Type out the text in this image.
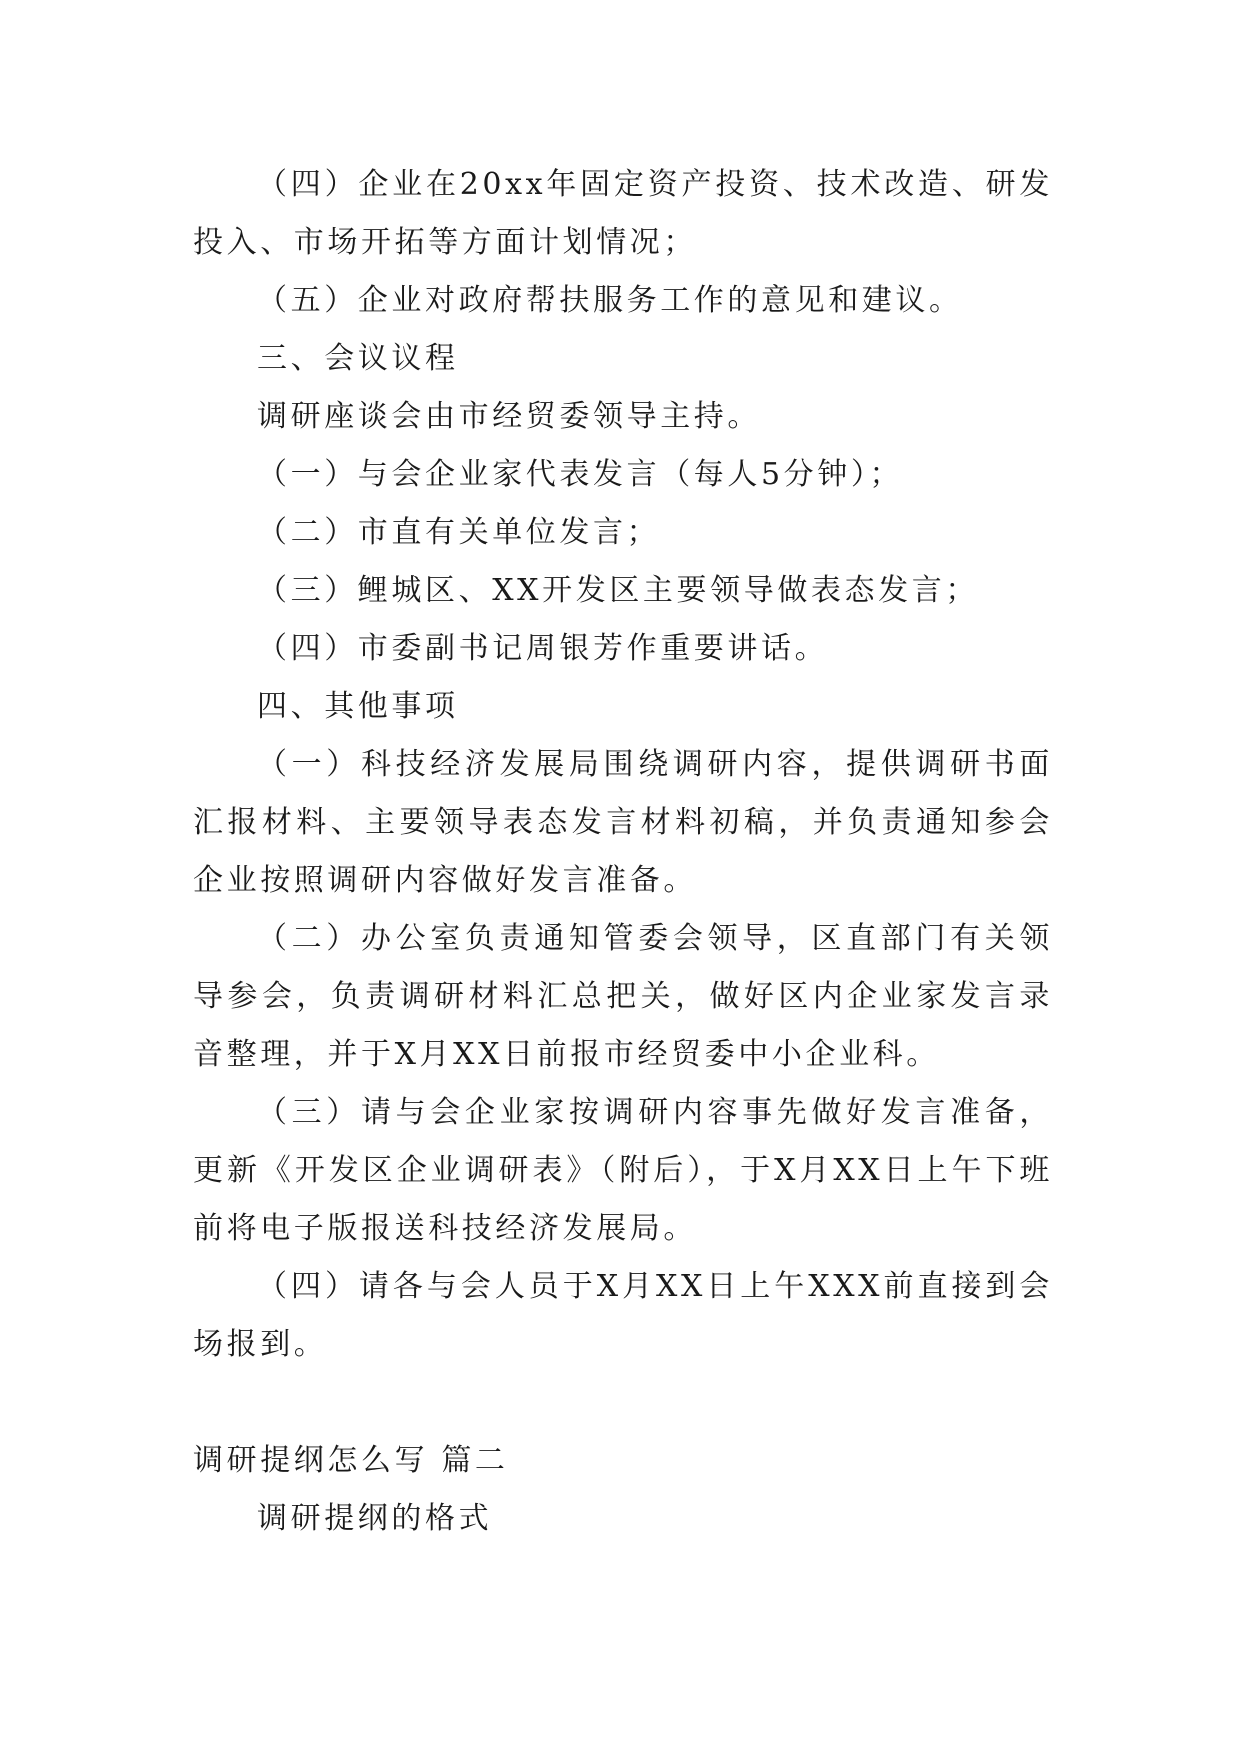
（四）企业在20xx年固定资产投资、技术改造、研发投入、市场开拓等方面计划情况；

（五）企业对政府帮扶服务工作的意见和建议。

三、会议议程

调研座谈会由市经贸委领导主持。

（一）与会企业家代表发言（每人5分钟）；

（二）市直有关单位发言；

（三）鲤城区、XX开发区主要领导做表态发言；

（四）市委副书记周银芳作重要讲话。

四、其他事项

（一）科技经济发展局围绕调研内容，提供调研书面汇报材料、主要领导表态发言材料初稿，并负责通知参会企业按照调研内容做好发言准备。

（二）办公室负责通知管委会领导，区直部门有关领导参会，负责调研材料汇总把关，做好区内企业家发言录音整理，并于X月XX日前报市经贸委中小企业科。

（三）请与会企业家按调研内容事先做好发言准备，更新《开发区企业调研表》（附后），于X月XX日上午下班前将电子版报送科技经济发展局。

（四）请各与会人员于X月XX日上午XXX前直接到会场报到。

调研提纲怎么写 篇二

调研提纲的格式
